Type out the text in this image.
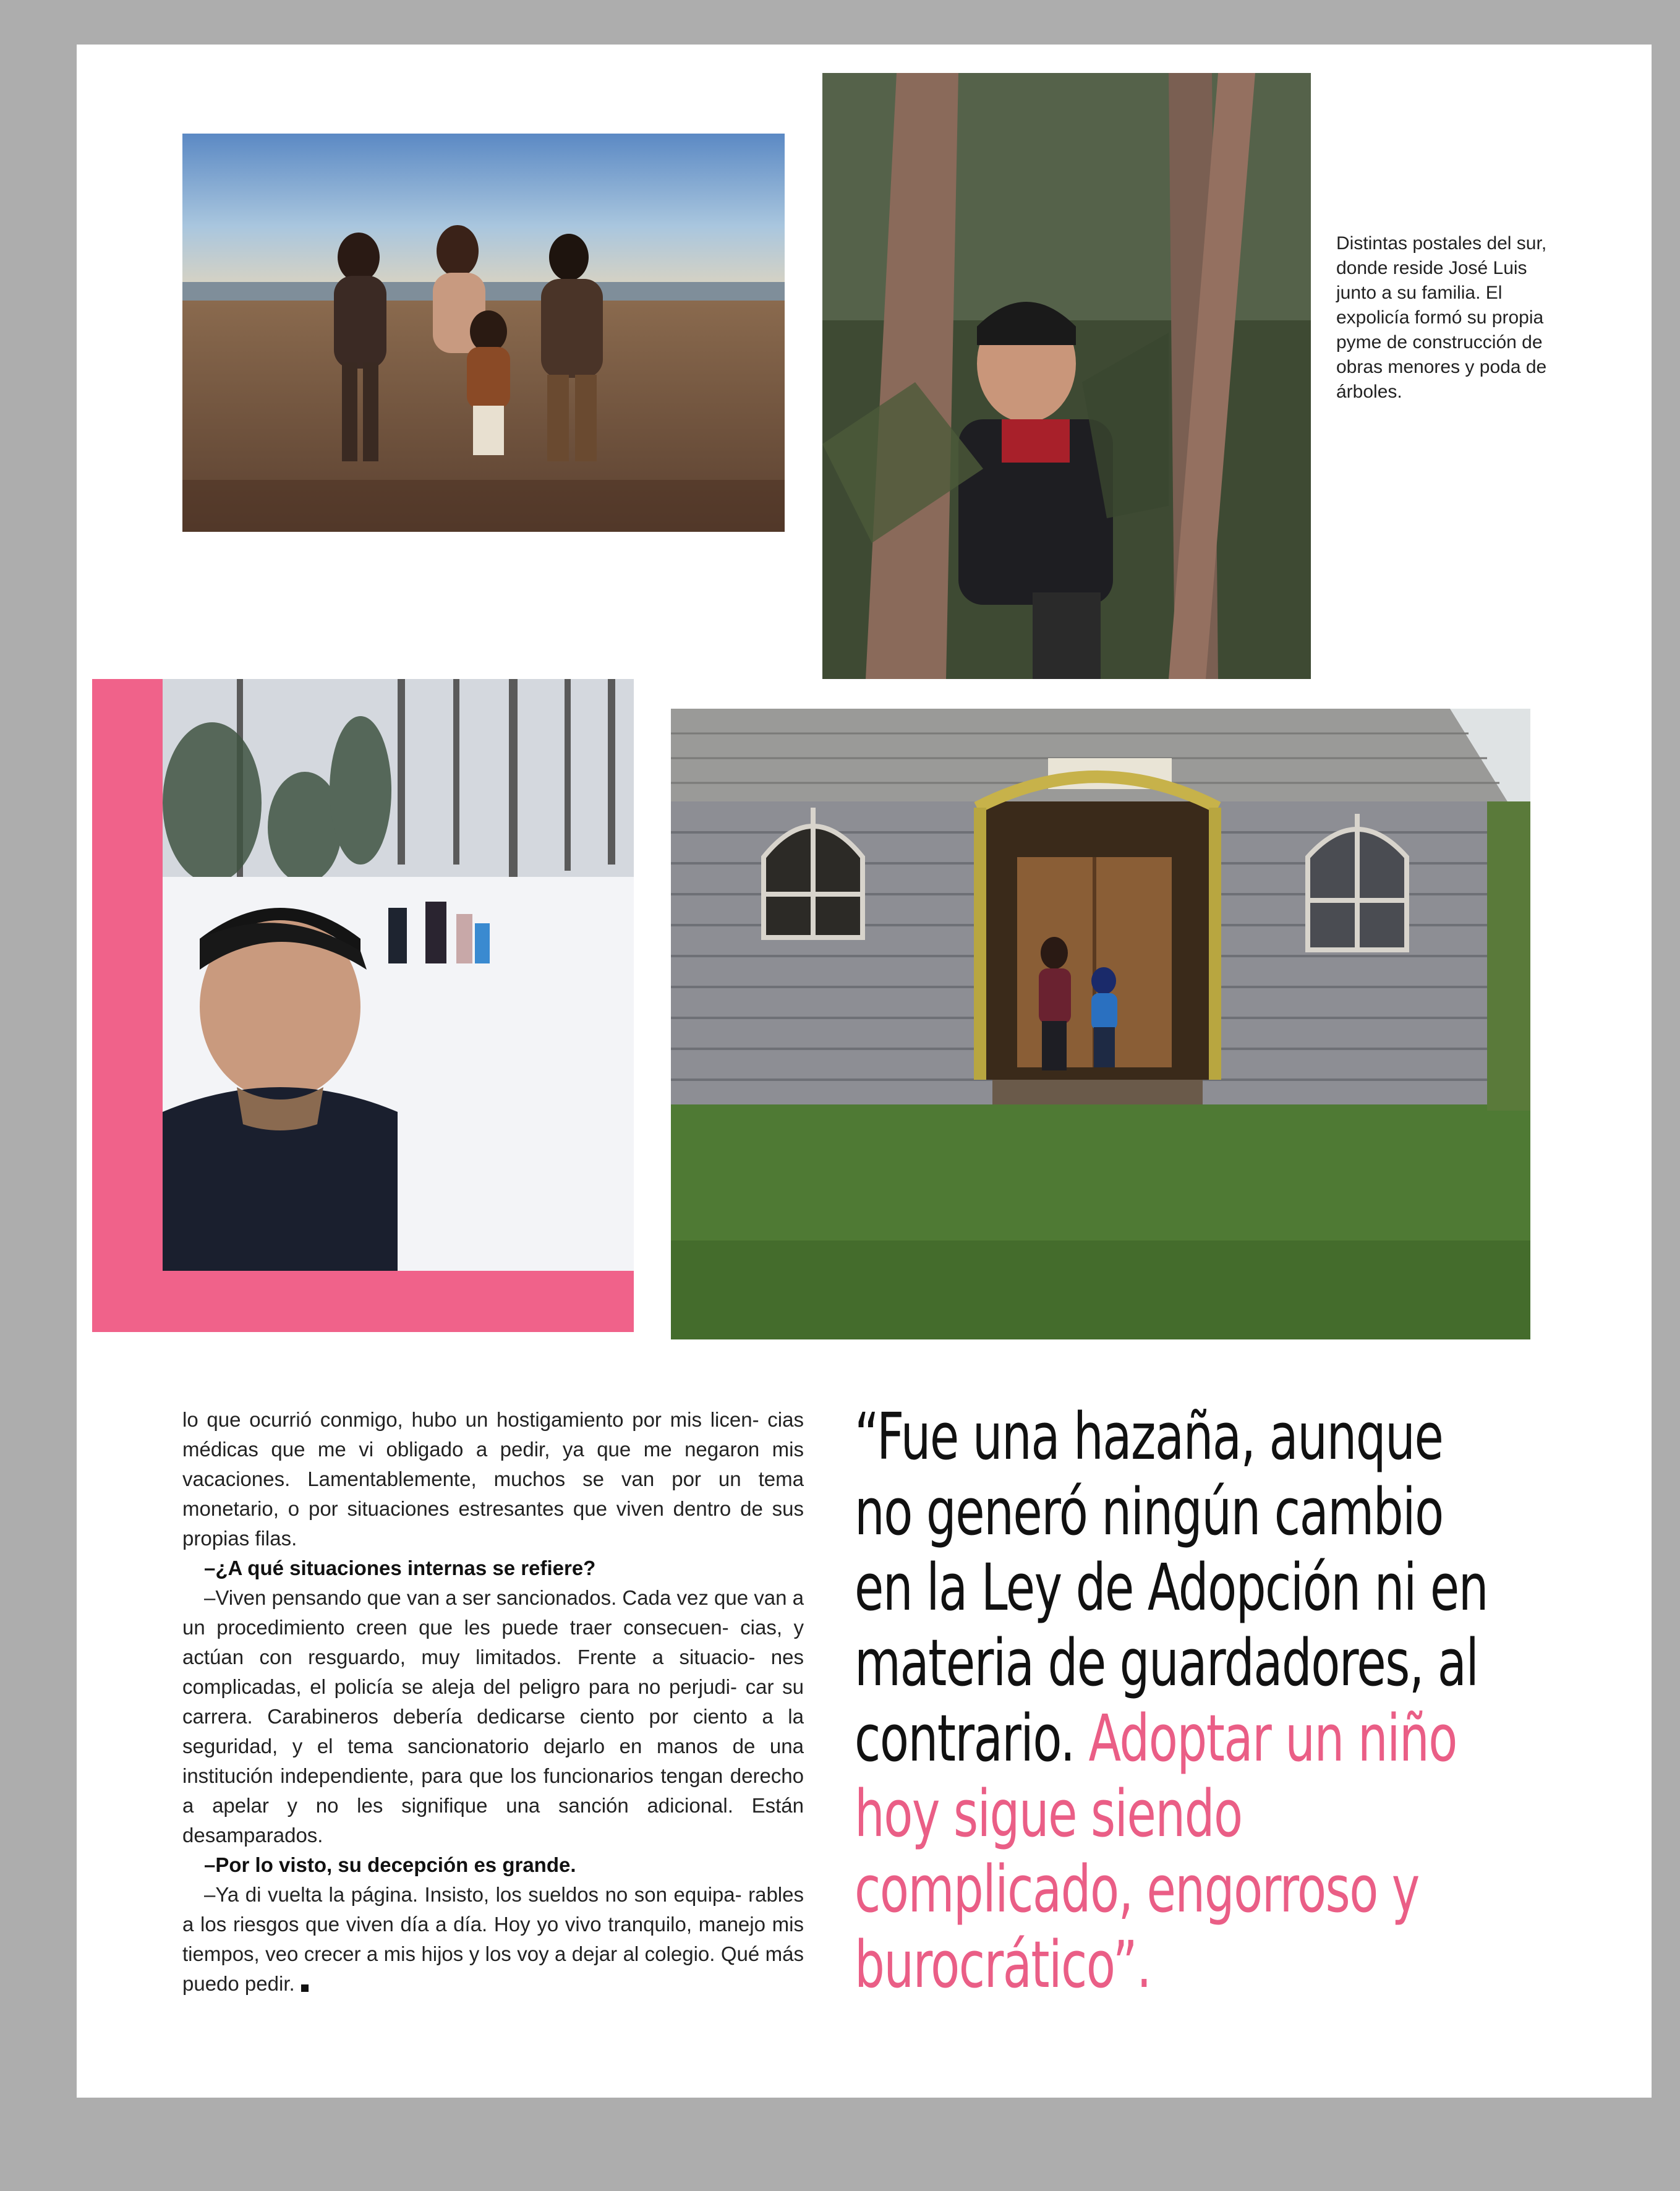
Distintas postales del sur,
donde reside José Luis
junto a su familia. El
expolicía formó su propia
pyme de construcción de
obras menores y poda de
árboles.

lo que ocurrió conmigo, hubo un hostigamiento por mis licen- cias médicas que me vi obligado a pedir, ya que me negaron mis vacaciones. Lamentablemente, muchos se van por un tema monetario, o por situaciones estresantes que viven dentro de sus propias filas.

–¿A qué situaciones internas se refiere?

–Viven pensando que van a ser sancionados. Cada vez que van a un procedimiento creen que les puede traer consecuen- cias, y actúan con resguardo, muy limitados. Frente a situacio- nes complicadas, el policía se aleja del peligro para no perjudi- car su carrera. Carabineros debería dedicarse ciento por ciento a la seguridad, y el tema sancionatorio dejarlo en manos de una institución independiente, para que los funcionarios tengan derecho a apelar y no les signifique una sanción adicional. Están desamparados.

–Por lo visto, su decepción es grande.

–Ya di vuelta la página. Insisto, los sueldos no son equipa- rables a los riesgos que viven día a día. Hoy yo vivo tranquilo, manejo mis tiempos, veo crecer a mis hijos y los voy a dejar al colegio. Qué más puedo pedir.

“Fue una hazaña, aunque
no generó ningún cambio
en la Ley de Adopción ni en
materia de guardadores, al
contrario. Adoptar un niño
hoy sigue siendo
complicado, engorroso y
burocrático”.
